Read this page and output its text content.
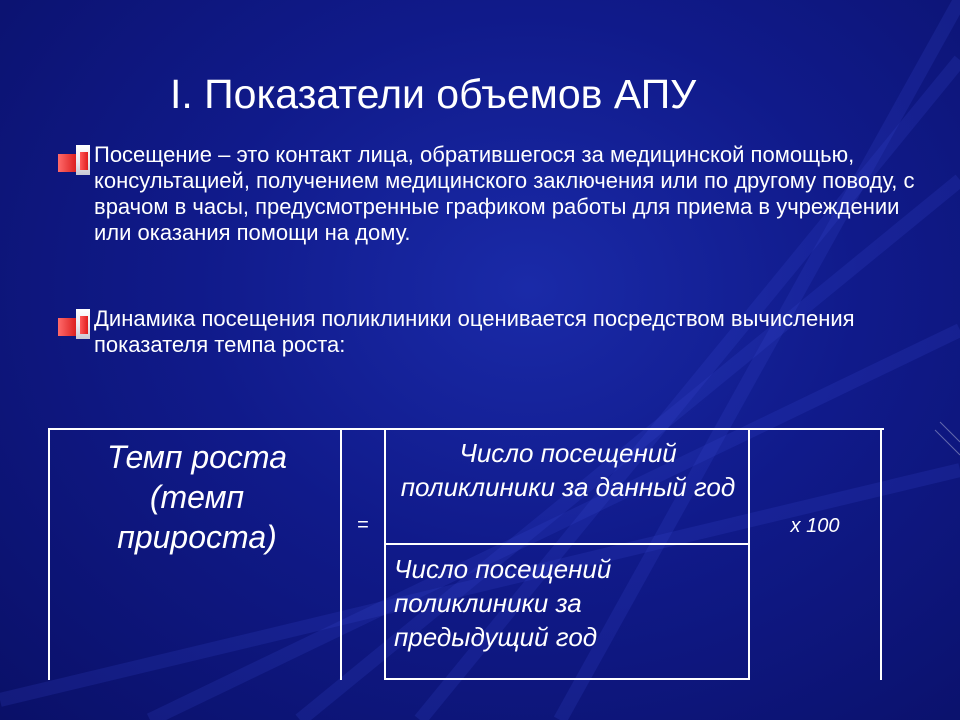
I. Показатели объемов АПУ
Посещение – это контакт лица, обратившегося за медицинской помощью, консультацией, получением медицинского заключения или по другому поводу, с врачом в часы, предусмотренные графиком работы для приема в учреждении или оказания помощи на дому.
Динамика посещения поликлиники оценивается посредством вычисления показателя темпа роста:
Темп роста (темп прироста)	=
Число посещений поликлиники за данный год
Число посещений поликлиники за предыдущий год
х 100
